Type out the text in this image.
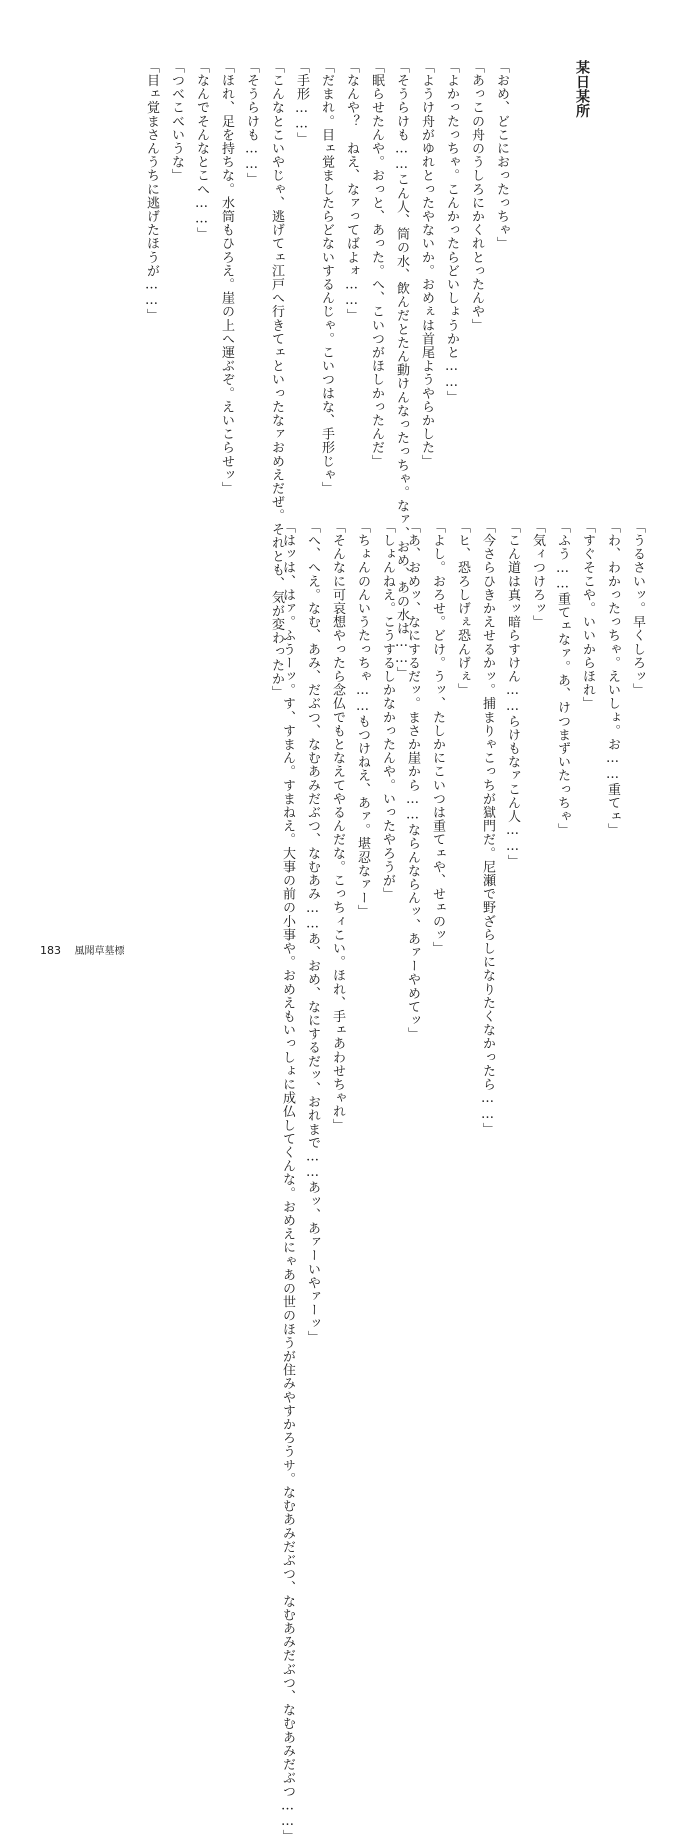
某日某所

「おめ、どこにおったっちゃ」
「あっこの舟のうしろにかくれとったんや」
「よかったっちゃ。こんかったらどいしょうかと……」
「ようけ舟がゆれとったやないか。おめぇは首尾ようやらかした」
「そうらけも……こん人、筒の水、飲んだとたん動けんなったっちゃ。なァ、おめ、あの水は……」
「眠らせたんや。おっと、あった。へ、こいつがほしかったんだ」
「なんや？　ねえ、なァってばよォ……」
「だまれ。目ェ覚ましたらどないするんじゃ。こいつはな、手形じゃ」
「手形……」
「こんなとこいやじゃ、逃げてェ江戸へ行きてェといったなァおめえだぜ。それとも、気が変わったか」
「そうらけも……」
「ほれ、足を持ちな。水筒もひろえ。崖の上へ運ぶぞ。えいこらせッ」
「なんでそんなとこへ……」
「つべこべいうな」
「目ェ覚まさんうちに逃げたほうが……」
「うるさいッ。早くしろッ」
「わ、わかったっちゃ。えいしょ。お……重てェ」
「すぐそこや。いいからほれ」
「ふう……重てェなァ。あ、けつまずいたっちゃ」
「気ィつけろッ」
「こん道は真ッ暗らすけん……らけもなァこん人……」
「今さらひきかえせるかッ。捕まりゃこっちが獄門だ。尼瀬で野ざらしになりたくなかったら……」
「ヒ、恐ろしげぇ恐んげぇ」
「よし。おろせ。どけ。うッ、たしかにこいつは重てェや、せェのッ」
「あ、おめッ、なにするだッ。まさか崖から……ならんならんッ、あァーやめてッ」
「しょんねえ。こうするしかなかったんや。いったやろうが」
「ちょんのんいうたっちゃ……もつけねえ、あァ。堪忍なァー」
「そんなに可哀想やったら念仏でもとなえてやるんだな。こっちィこい。ほれ、手ェあわせちゃれ」
「へ、へえ。なむ、あみ、だぶつ、なむあみだぶつ、なむあみ……あ、おめ、なにするだッ、おれまで……あッ、あァーいやァーッ」
「はッは、はァ。ふうーッ。す、すまん。すまねえ。大事の前の小事や。おめえもいっしょに成仏してくんな。おめえにゃあの世のほうが住みやすかろうサ。なむあみだぶつ、なむあみだぶつ、なむあみだぶつ……」
183 風聞草墓標
